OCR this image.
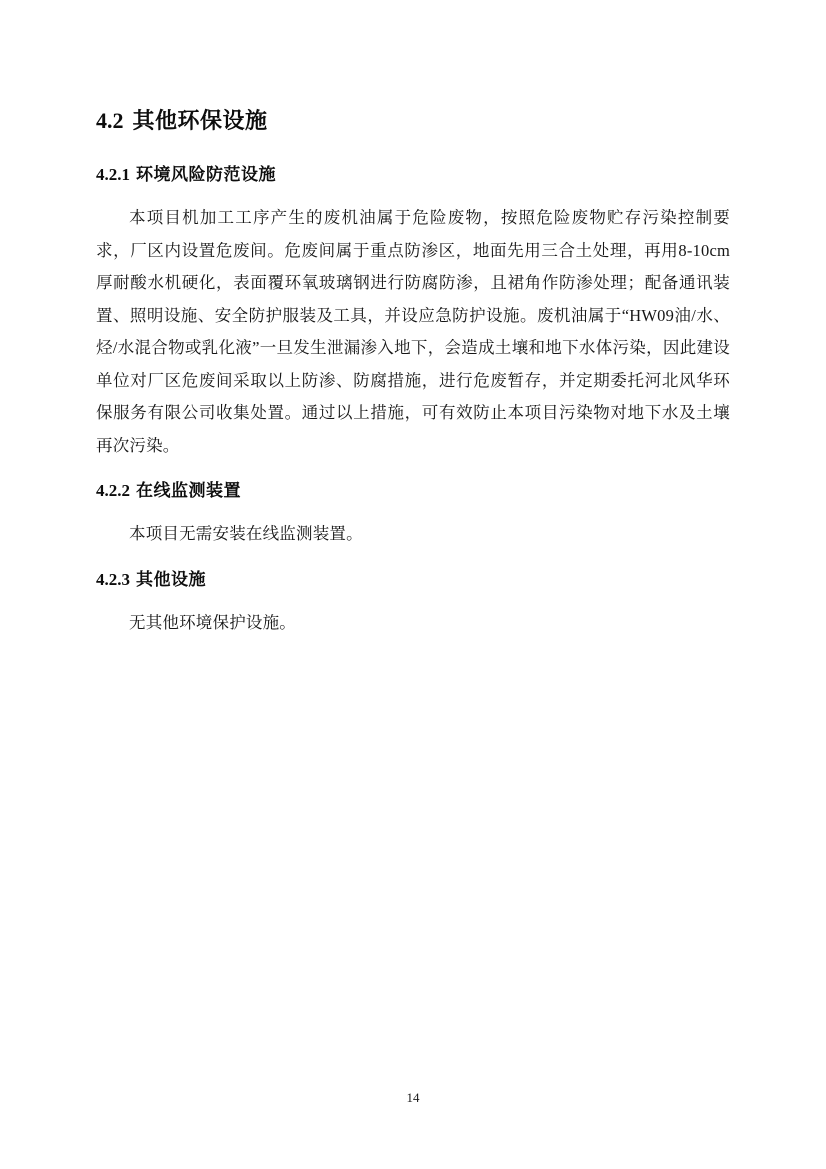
4.2 其他环保设施
4.2.1 环境风险防范设施

本项目机加工工序产生的废机油属于危险废物，按照危险废物贮存污染控制要求，厂区内设置危废间。危废间属于重点防渗区，地面先用三合土处理，再用8-10cm厚耐酸水机硬化，表面覆环氧玻璃钢进行防腐防渗，且裙角作防渗处理；配备通讯装置、照明设施、安全防护服装及工具，并设应急防护设施。废机油属于“HW09油/水、烃/水混合物或乳化液”一旦发生泄漏渗入地下，会造成土壤和地下水体污染，因此建设单位对厂区危废间采取以上防渗、防腐措施，进行危废暂存，并定期委托河北风华环保服务有限公司收集处置。通过以上措施，可有效防止本项目污染物对地下水及土壤再次污染。

4.2.2 在线监测装置

本项目无需安装在线监测装置。

4.2.3 其他设施

无其他环境保护设施。

14
